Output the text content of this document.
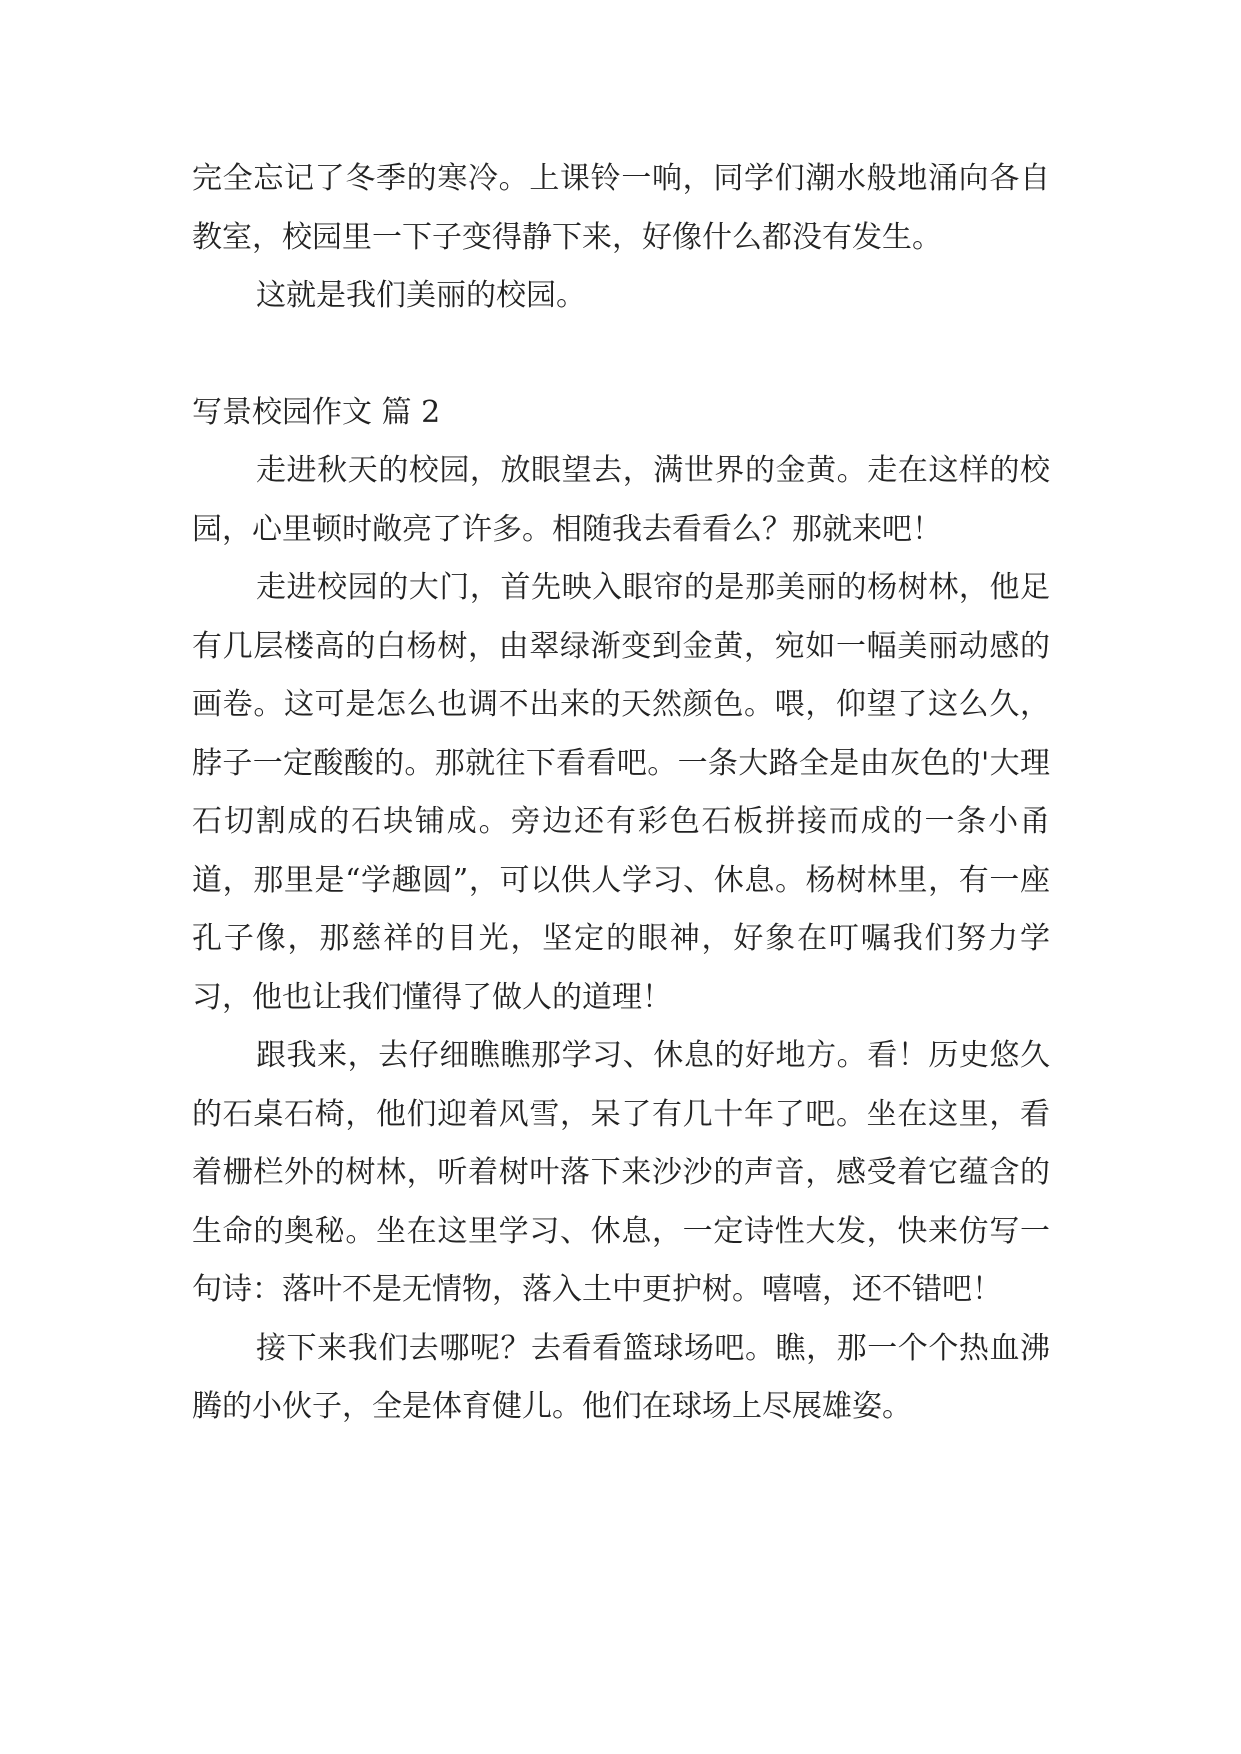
完全忘记了冬季的寒冷。上课铃一响，同学们潮水般地涌向各自教室，校园里一下子变得静下来，好像什么都没有发生。

这就是我们美丽的校园。

写景校园作文 篇 2

走进秋天的校园，放眼望去，满世界的金黄。走在这样的校园，心里顿时敞亮了许多。相随我去看看么？那就来吧！

走进校园的大门，首先映入眼帘的是那美丽的杨树林，他足有几层楼高的白杨树，由翠绿渐变到金黄，宛如一幅美丽动感的画卷。这可是怎么也调不出来的天然颜色。喂，仰望了这么久，脖子一定酸酸的。那就往下看看吧。一条大路全是由灰色的'大理石切割成的石块铺成。旁边还有彩色石板拼接而成的一条小甬道，那里是“学趣圆”，可以供人学习、休息。杨树林里，有一座孔子像，那慈祥的目光，坚定的眼神，好象在叮嘱我们努力学习，他也让我们懂得了做人的道理！

跟我来，去仔细瞧瞧那学习、休息的好地方。看！历史悠久的石桌石椅，他们迎着风雪，呆了有几十年了吧。坐在这里，看着栅栏外的树林，听着树叶落下来沙沙的声音，感受着它蕴含的生命的奥秘。坐在这里学习、休息，一定诗性大发，快来仿写一句诗：落叶不是无情物，落入土中更护树。嘻嘻，还不错吧！

接下来我们去哪呢？去看看篮球场吧。瞧，那一个个热血沸腾的小伙子，全是体育健儿。他们在球场上尽展雄姿。
